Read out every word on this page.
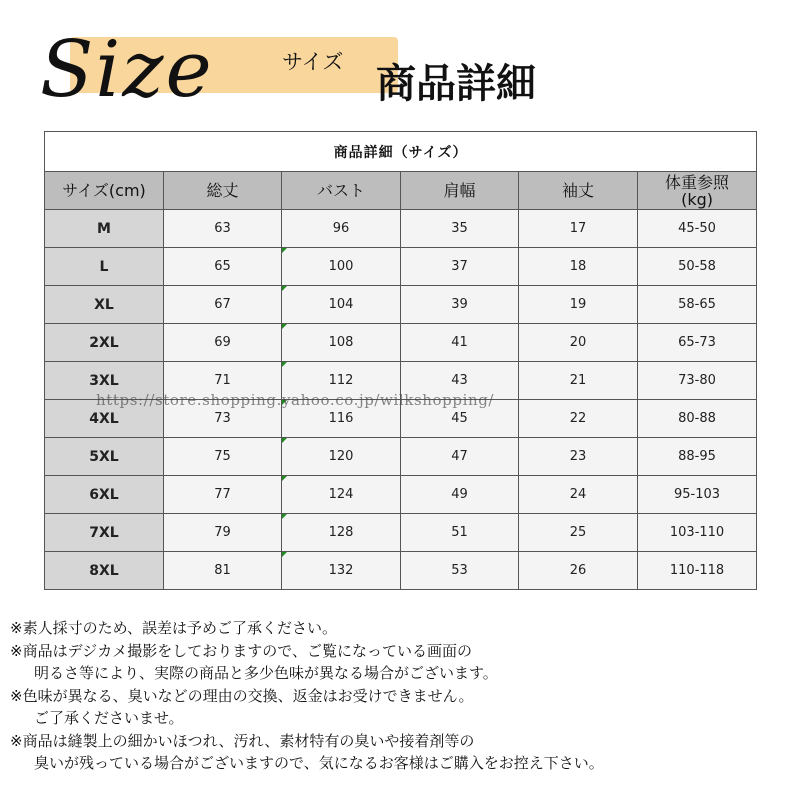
Size	サイズ 商品詳細
商品詳細（サイズ）					
サイズ(cm)	総丈	バスト	肩幅	袖丈	体重参照
(kg)
M	63	96	35	17	45-50
L	65	100	37	18	50-58
XL	67	104	39	19	58-65
2XL	69	108	41	20	65-73
3XL	71	112	43	21	73-80
4XL	73	116	45	22	80-88
5XL	75	120	47	23	88-95
6XL	77	124	49	24	95-103
7XL	79	128	51	25	103-110
8XL	81	132	53	26	110-118
https://store.shopping.yahoo.co.jp/wilkshopping/
※素人採寸のため、誤差は予めご了承ください。
※商品はデジカメ撮影をしておりますので、ご覧になっている画面の
明るさ等により、実際の商品と多少色味が異なる場合がございます。
※色味が異なる、臭いなどの理由の交換、返金はお受けできません。
ご了承くださいませ。
※商品は縫製上の細かいほつれ、汚れ、素材特有の臭いや接着剤等の
臭いが残っている場合がございますので、気になるお客様はご購入をお控え下さい。
